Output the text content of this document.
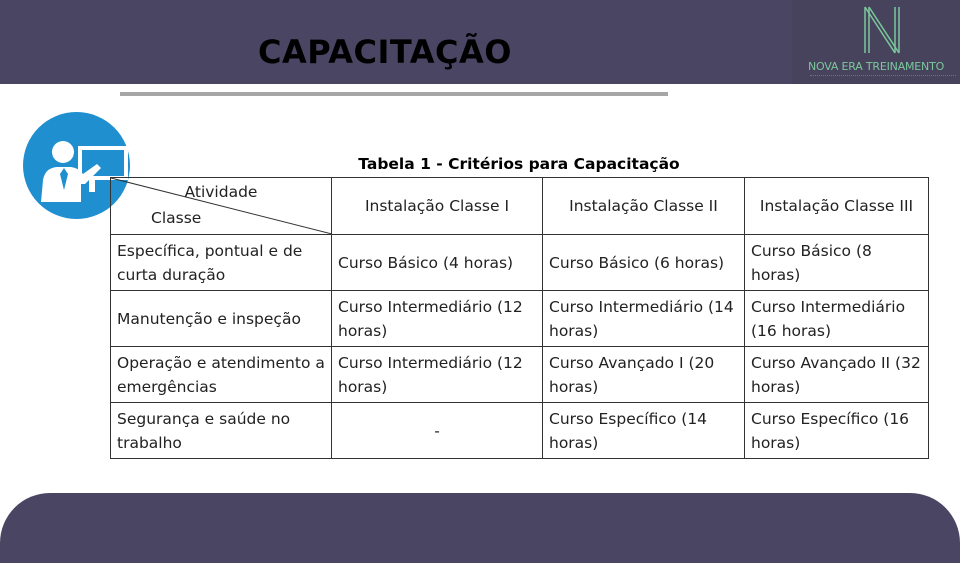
NOVA ERA TREINAMENTO
CAPACITAÇÃO
Tabela 1 - Critérios para Capacitação
Atividade
Classe	Instalação Classe I	Instalação Classe II	Instalação Classe III
Específica, pontual e de curta duração	Curso Básico (4 horas)	Curso Básico (6 horas)	Curso Básico (8 horas)
Manutenção e inspeção	Curso Intermediário (12 horas)	Curso Intermediário (14 horas)	Curso Intermediário (16 horas)
Operação e atendimento a emergências	Curso Intermediário (12 horas)	Curso Avançado I (20 horas)	Curso Avançado II (32 horas)
Segurança e saúde no trabalho	-	Curso Específico (14 horas)	Curso Específico (16 horas)
